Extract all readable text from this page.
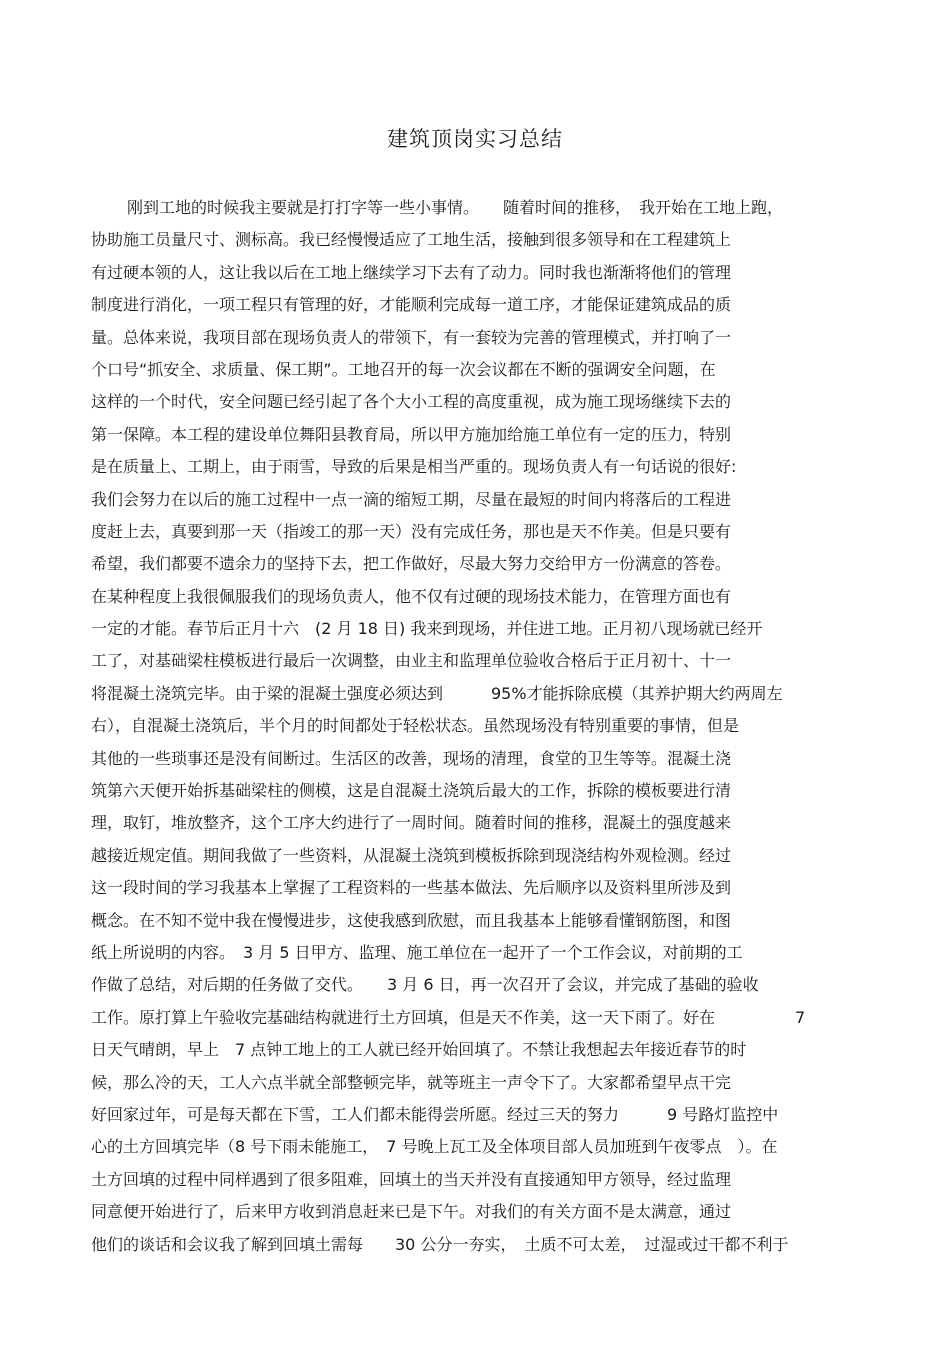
建筑顶岗实习总结
刚到工地的时候我主要就是打打字等一些小事情。　　随着时间的推移，　我开始在工地上跑，
协助施工员量尺寸、测标高。我已经慢慢适应了工地生活，接触到很多领导和在工程建筑上
有过硬本领的人，这让我以后在工地上继续学习下去有了动力。同时我也渐渐将他们的管理
制度进行消化，一项工程只有管理的好，才能顺利完成每一道工序，才能保证建筑成品的质
量。总体来说，我项目部在现场负责人的带领下，有一套较为完善的管理模式，并打响了一
个口号“抓安全、求质量、保工期”。工地召开的每一次会议都在不断的强调安全问题，在
这样的一个时代，安全问题已经引起了各个大小工程的高度重视，成为施工现场继续下去的
第一保障。本工程的建设单位舞阳县教育局，所以甲方施加给施工单位有一定的压力，特别
是在质量上、工期上，由于雨雪，导致的后果是相当严重的。现场负责人有一句话说的很好:
我们会努力在以后的施工过程中一点一滴的缩短工期，尽量在最短的时间内将落后的工程进
度赶上去，真要到那一天（指竣工的那一天）没有完成任务，那也是天不作美。但是只要有
希望，我们都要不遗余力的坚持下去，把工作做好，尽最大努力交给甲方一份满意的答卷。
在某种程度上我很佩服我们的现场负责人，他不仅有过硬的现场技术能力，在管理方面也有
一定的才能。春节后正月十六　(2 月 18 日) 我来到现场，并住进工地。正月初八现场就已经开
工了，对基础梁柱模板进行最后一次调整，由业主和监理单位验收合格后于正月初十、十一
将混凝土浇筑完毕。由于梁的混凝土强度必须达到　　　95%才能拆除底模（其养护期大约两周左
右），自混凝土浇筑后，半个月的时间都处于轻松状态。虽然现场没有特别重要的事情，但是
其他的一些琐事还是没有间断过。生活区的改善，现场的清理，食堂的卫生等等。混凝土浇
筑第六天便开始拆基础梁柱的侧模，这是自混凝土浇筑后最大的工作，拆除的模板要进行清
理，取钉，堆放整齐，这个工序大约进行了一周时间。随着时间的推移，混凝土的强度越来
越接近规定值。期间我做了一些资料，从混凝土浇筑到模板拆除到现浇结构外观检测。经过
这一段时间的学习我基本上掌握了工程资料的一些基本做法、先后顺序以及资料里所涉及到
概念。在不知不觉中我在慢慢进步，这使我感到欣慰，而且我基本上能够看懂钢筋图，和图
纸上所说明的内容。　3 月 5 日甲方、监理、施工单位在一起开了一个工作会议，对前期的工
作做了总结，对后期的任务做了交代。　　3 月 6 日，再一次召开了会议，并完成了基础的验收
工作。原打算上午验收完基础结构就进行土方回填，但是天不作美，这一天下雨了。好在　　　　　7
日天气晴朗，早上　7 点钟工地上的工人就已经开始回填了。不禁让我想起去年接近春节的时
候，那么冷的天，工人六点半就全部整顿完毕，就等班主一声令下了。大家都希望早点干完
好回家过年，可是每天都在下雪，工人们都未能得尝所愿。经过三天的努力　　　9 号路灯监控中
心的土方回填完毕（8 号下雨未能施工，　7 号晚上瓦工及全体项目部人员加班到午夜零点　）。在
土方回填的过程中同样遇到了很多阻难，回填土的当天并没有直接通知甲方领导，经过监理
同意便开始进行了，后来甲方收到消息赶来已是下午。对我们的有关方面不是太满意，通过
他们的谈话和会议我了解到回填土需每　　30 公分一夯实，　土质不可太差，　过湿或过干都不利于
